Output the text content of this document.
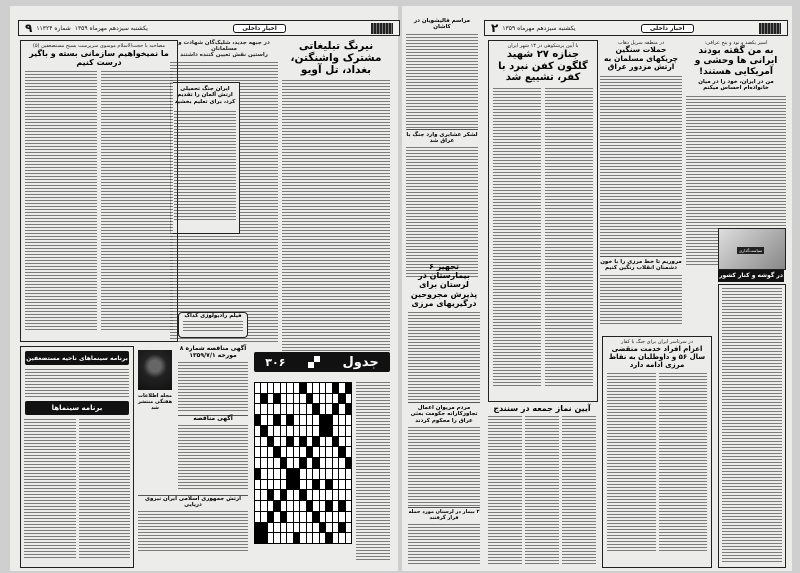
اخبار داخلی
یکشنبه سیزدهم مهرماه ۱۳۵۹
شماره ۱۱۳۲۴
۹
نیرنگ تبلیغاتی مشترک واشنگتن، بغداد، تل آویو
در جبهه جدید، شلیک‌گان شهادت و مسلمانان
راستین نقش تعیین کننده داشتند
ایران جنگ تحمیلی ارتش آلمان را تقدیم کرد، برای تعلیم بخشید
فیلم رادیولوژی کداک
مصاحبه با حجت‌الاسلام موسوی سرپرست بسیج مستضعفین (۵)
ما نمیخواهیم سازمانی بسته و باگیر درست کنیم
برنامه سینماهای ناحیه مستضعفین
برنامه سینماها
آگهی مناقصه شماره ۸ مورخه ۱۳۵۹/۷/۱
مجله اطلاعات هفتگی منتشر شد
آگهی مناقصه
ارتش جمهوری اسلامی ایران نیروی دریایی
جدول
۳۰۶
مراسم فالیشویان در کاشان
لشکر عشایری وارد جنگ با عراق شد
اخبار داخلی
یکشنبه سیزدهم مهرماه ۱۳۵۹
۲
تجهیز ۶ بیمارستان در لرستان برای پذیرش مجروحین درگیریهای مرزی
مردم مریوان اعمال تجاوزکارانه حکومت بعثی عراق را محکوم کردند
۲ بیمار در لرستان مورد حمله قرار گرفتند
با آیین پرشکوهی در ۱۳ شهر ایران
جنازه ۲۷ شهید گلگون کفن نبرد با کفر، تشییع شد
آیین نماز جمعه در سنندج
در منطقه سرپل ذهاب
حملات سنگین چریکهای مسلمان به ارتش مزدور عراق
مروریم تا خط مرزی را با خون دشمنان انقلاب رنگین کنیم
اسیر یکصد و نود و پنج عراقی:
به من گفته بودند ایرانی ها وحشی و آمریکایی هستند!
من در ایران، خود را در میان خانواده‌ام احساس میکنم
سیاست‌گذاری
در گوشه و کنار کشور
در سرتاسر ایران برای جنگ با کفار
اعزام افراد خدمت منقضی سال ۵۶ و داوطلبان به نقاط مرزی ادامه دارد
